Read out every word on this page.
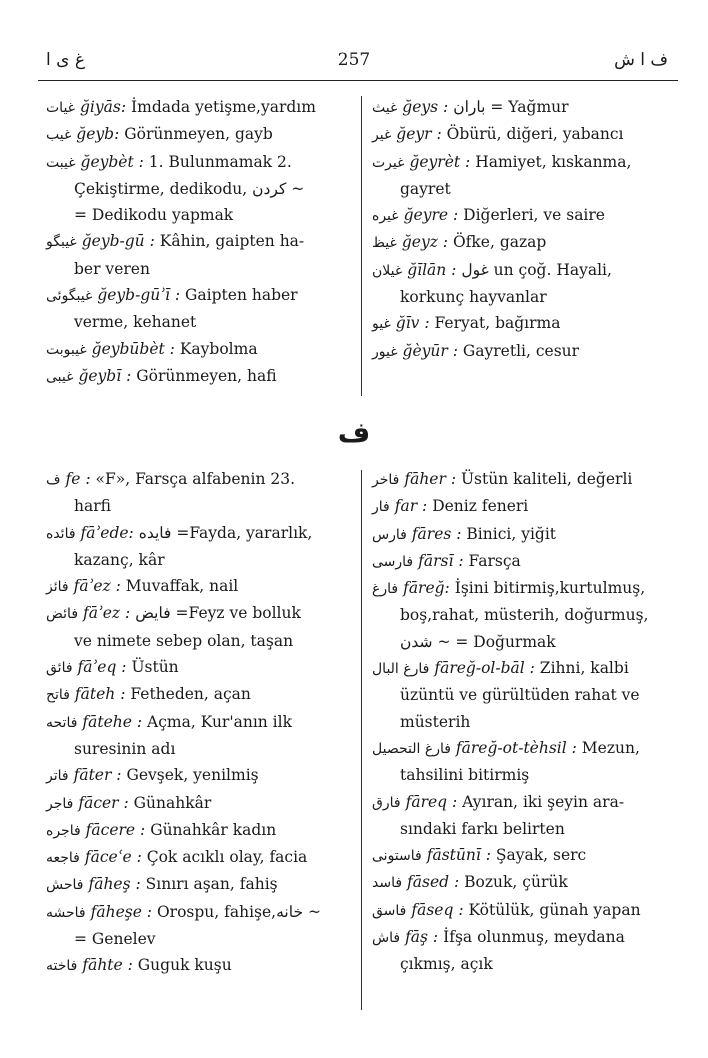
غ ى ا	257	ف ا ش
غيات ğiyās: İmdada yetişme,yardım
غيب ğeyb: Görünmeyen, gayb
غيبت ğeybèt : 1. Bulunmamak 2.
Çekiştirme, dedikodu, كردن ~
= Dedikodu yapmak
غيبگو ğeyb-gū : Kâhin, gaipten ha-
ber veren
غيبگوئى ğeyb-gūʾī : Gaipten haber
verme, kehanet
غيبوبت ğeybūbèt : Kaybolma
غيبى ğeybī : Görünmeyen, hafi
غيث ğeys : باران = Yağmur
غير ğeyr : Öbürü, diğeri, yabancı
غيرت ğeyrèt : Hamiyet, kıskanma,
gayret
غيره ğeyre : Diğerleri, ve saire
غيظ ğeyz : Öfke, gazap
غيلان ğīlān : غول un çoğ. Hayali,
korkunç hayvanlar
غيو ğīv : Feryat, bağırma
غيور ğèyūr : Gayretli, cesur
ف
ف fe : «F», Farsça alfabenin 23.
harfi
فائده fāʾede: فايده =Fayda, yararlık,
kazanç, kâr
فائز fāʾez : Muvaffak, nail
فائض fāʾez : فايض =Feyz ve bolluk
ve nimete sebep olan, taşan
فائق fāʾeq : Üstün
فاتح fāteh : Fetheden, açan
فاتحه fātehe : Açma, Kur'anın ilk
suresinin adı
فاتر fāter : Gevşek, yenilmiş
فاجر fācer : Günahkâr
فاجره fācere : Günahkâr kadın
فاجعه fāceʿe : Çok acıklı olay, facia
فاحش fāheş : Sınırı aşan, fahiş
فاحشه fāheşe : Orospu, fahişe,خانه ~
= Genelev
فاخته fāhte : Guguk kuşu
فاخر fāher : Üstün kaliteli, değerli
فار far : Deniz feneri
فارس fāres : Binici, yiğit
فارسى fārsī : Farsça
فارغ fāreğ: İşini bitirmiş,kurtulmuş,
boş,rahat, müsterih, doğurmuş,
شدن ~ = Doğurmak
فارغ البال fāreğ-ol-bāl : Zihni, kalbi
üzüntü ve gürültüden rahat ve
müsterih
فارغ التحصيل fāreğ-ot-tèhsil : Mezun,
tahsilini bitirmiş
فارق fāreq : Ayıran, iki şeyin ara-
sındaki farkı belirten
فاستونى fāstūnī : Şayak, serc
فاسد fāsed : Bozuk, çürük
فاسق fāseq : Kötülük, günah yapan
فاش fāş : İfşa olunmuş, meydana
çıkmış, açık
